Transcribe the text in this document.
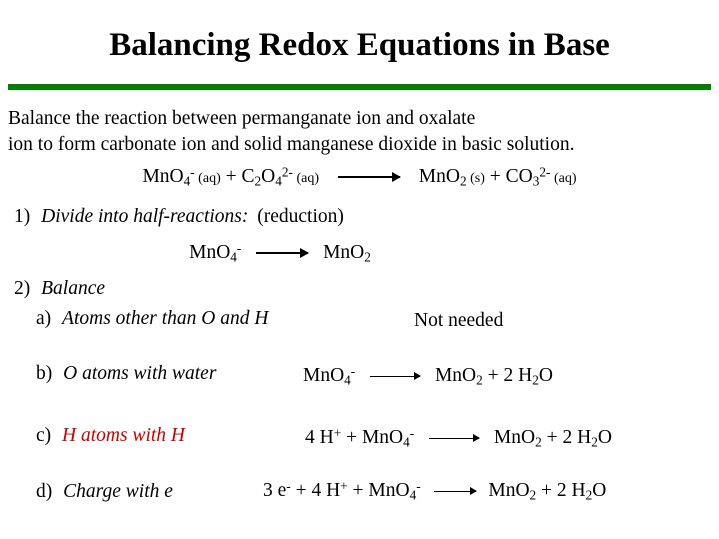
Balancing Redox Equations in Base
Balance the reaction between permanganate ion and oxalate
ion to form carbonate ion and solid manganese dioxide in basic solution.
MnO$_4$- $(aq) + C_2O_4^{2-}$ (aq)	MnO$_2$ $(s) + CO_3^{2-}$ (aq)
1) Divide into half-reactions: (reduction)
MnO$_4$-	MnO$_2$
2) Balance
a) Atoms other than O and H	Not needed
b) O atoms with water	MnO$_4$-	MnO$_2$ + 2 $H_2O$
c) H atoms with H	4 H+ + MnO$_4$-	MnO$_2$ + 2 $H_2O$
d) Charge with e	3 e- + 4 H+ + MnO$_4$-	MnO$_2$ + 2 $H_2O$
